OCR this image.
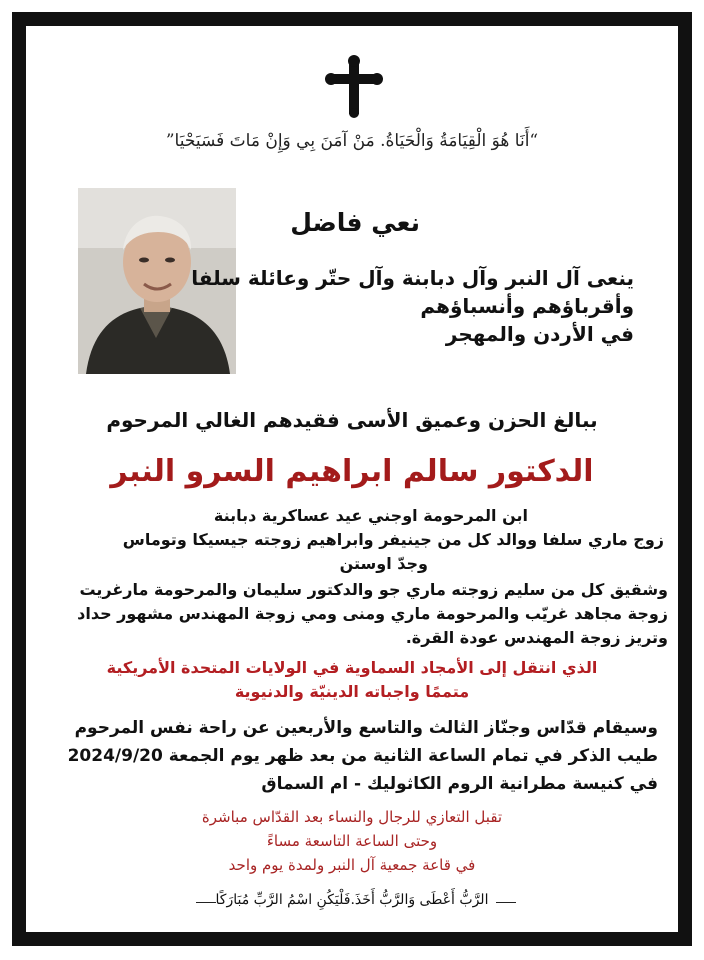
“أَنَا هُوَ الْقِيَامَةُ وَالْحَيَاةُ. مَنْ آمَنَ بِي وَإِنْ مَاتَ فَسَيَحْيَا”
نعي فاضل
ينعى آل النبر وآل دبابنة وآل حتّر وعائلة سلفا
وأقرباؤهم وأنسباؤهم
في الأردن والمهجر
ببالغ الحزن وعميق الأسى فقيدهم الغالي المرحوم
الدكتور سالم ابراهيم السرو النبر
ابن المرحومة اوجني عيد عساكرية دبابنة
زوج ماري سلفا ووالد كل من جينيفر وابراهيم زوجته جيسيكا وتوماس
وجدّ اوستن
وشقيق كل من سليم زوجته ماري جو والدكتور سليمان والمرحومة مارغريت
زوجة مجاهد غريّب والمرحومة ماري ومنى ومي زوجة المهندس مشهور حداد
وتريز زوجة المهندس عودة القرة.
الذي انتقل إلى الأمجاد السماوية في الولايات المتحدة الأمريكية
متممًا واجباته الدينيّة والدنيوية
وسيقام قدّاس وجنّاز الثالث والتاسع والأربعين عن راحة نفس المرحوم
طيب الذكر في تمام الساعة الثانية من بعد ظهر يوم الجمعة 2024/9/20
في كنيسة مطرانية الروم الكاثوليك - ام السماق
تقبل التعازي للرجال والنساء بعد القدّاس مباشرة
وحتى الساعة التاسعة مساءً
في قاعة جمعية آل النبر ولمدة يوم واحد
الرَّبُّ أَعْطَى وَالرَّبُّ أَخَذَ.فَلْيَكُنِ اسْمُ الرَّبِّ مُبَارَكًا
